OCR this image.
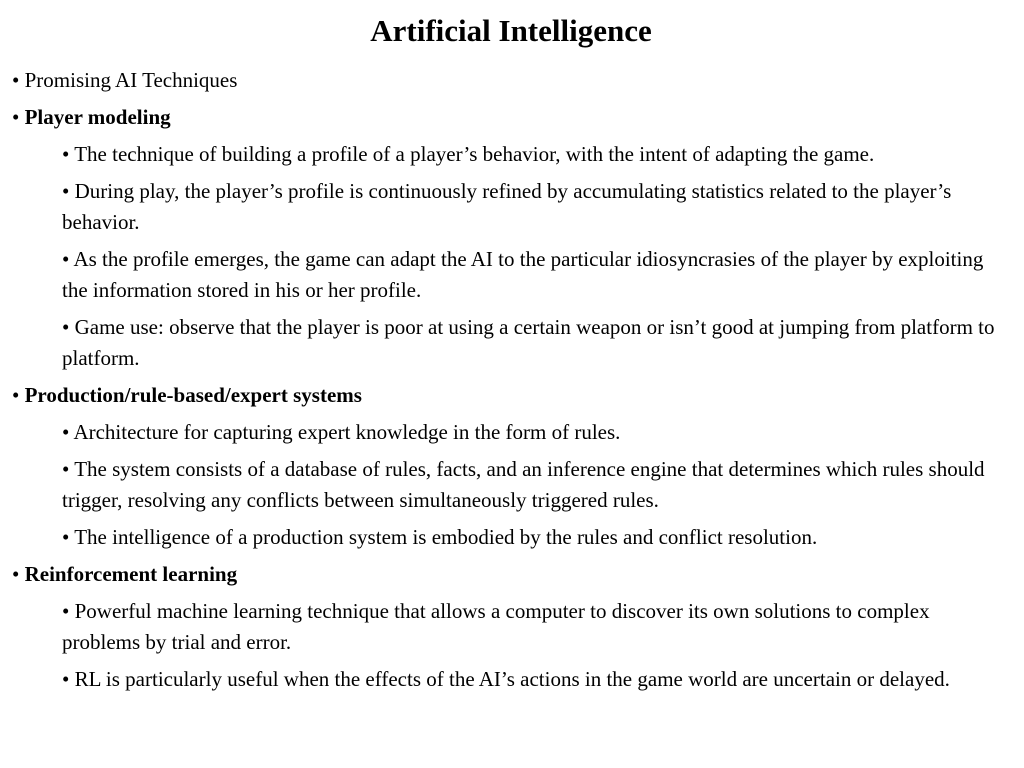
Artificial Intelligence
• Promising AI Techniques
• Player modeling
• The technique of building a profile of a player’s behavior, with the intent of adapting the game.
• During play, the player’s profile is continuously refined by accumulating statistics related to the player’s behavior.
• As the profile emerges, the game can adapt the AI to the particular idiosyncrasies of the player by exploiting the information stored in his or her profile.
• Game use: observe that the player is poor at using a certain weapon or isn’t good at jumping from platform to platform.
• Production/rule-based/expert systems
• Architecture for capturing expert knowledge in the form of rules.
• The system consists of a database of rules, facts, and an inference engine that determines which rules should trigger, resolving any conflicts between simultaneously triggered rules.
• The intelligence of a production system is embodied by the rules and conflict resolution.
• Reinforcement learning
• Powerful machine learning technique that allows a computer to discover its own solutions to complex problems by trial and error.
• RL is particularly useful when the effects of the AI’s actions in the game world are uncertain or delayed.
